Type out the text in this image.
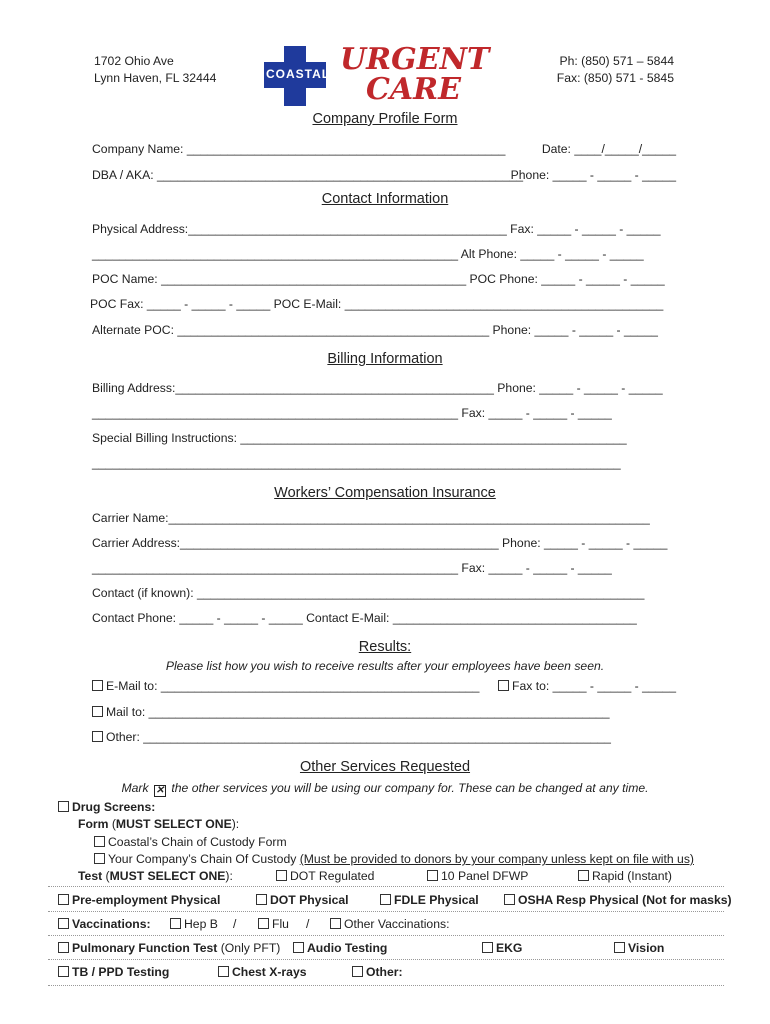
1702 Ohio Ave
Lynn Haven, FL 32444
Ph: (850) 571 – 5844
Fax: (850) 571 - 5845
COASTAL URGENT
CARE
Company Profile Form
Company Name: _______________________________________________	Date: ____/_____/_____
DBA / AKA: ______________________________________________________
Phone: _____ - _____ - _____
Contact Information
Physical Address:_______________________________________________ Fax: _____ - _____ - _____
______________________________________________________ Alt Phone: _____ - _____ - _____
POC Name: _____________________________________________ POC Phone: _____ - _____ - _____
POC Fax: _____ - _____ - _____ POC E-Mail: _______________________________________________
Alternate POC: ______________________________________________ Phone: _____ - _____ - _____
Billing Information
Billing Address:_______________________________________________ Phone: _____ - _____ - _____
______________________________________________________ Fax: _____ - _____ - _____
Special Billing Instructions: _________________________________________________________
______________________________________________________________________________
Workers’ Compensation Insurance
Carrier Name:_______________________________________________________________________
Carrier Address:_______________________________________________ Phone: _____ - _____ - _____
______________________________________________________ Fax: _____ - _____ - _____
Contact (if known): __________________________________________________________________
Contact Phone: _____ - _____ - _____ Contact E-Mail: ____________________________________
Results:
Please list how you wish to receive results after your employees have been seen.
E-Mail to: _______________________________________________	Fax to: _____ - _____ - _____
Mail to: ____________________________________________________________________
Other: _____________________________________________________________________
Other Services Requested
Mark ✕ the other services you will be using our company for. These can be changed at any time.
Drug Screens:
Form (MUST SELECT ONE):
Coastal’s Chain of Custody Form
Your Company’s Chain Of Custody (Must be provided to donors by your company unless kept on file with us)
Test (MUST SELECT ONE):	DOT Regulated	10 Panel DFWP	Rapid (Instant)
Pre-employment Physical	DOT Physical	FDLE Physical	OSHA Resp Physical (Not for masks)
Vaccinations:	Hep B /	Flu /	Other Vaccinations:
Pulmonary Function Test (Only PFT)	Audio Testing	EKG	Vision
TB / PPD Testing	Chest X-rays	Other:
